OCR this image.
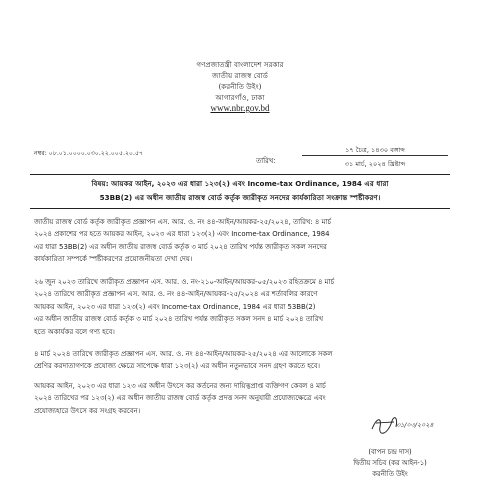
গণপ্রজাতন্ত্রী বাংলাদেশ সরকার

জাতীয় রাজস্ব বোর্ড

(করনীতি উইং)

আগারগাঁও, ঢাকা

www.nbr.gov.bd

নম্বর: ০৮.০১.০০০০.০৩০.২২.০০৫.২০.৫৭

তারিখ:

১৭ চৈত্র, ১৪৩০ বঙ্গাব্দ

৩১ মার্চ, ২০২৪ খ্রিষ্টাব্দ

বিষয়: আয়কর আইন, ২০২৩ এর ধারা ১২৩(২) এবং Income-tax Ordinance, 1984 এর ধারা

53BB(2) এর অধীন জাতীয় রাজস্ব বোর্ড কর্তৃক জারীকৃত সনদের কার্যকারিতা সংক্রান্ত স্পষ্টীকরণ।

জাতীয় রাজস্ব বোর্ড কর্তৃক জারীকৃত প্রজ্ঞাপন এস. আর. ও. নং ৪৪-আইন/আয়কর-২৫/২০২৪, তারিখ: ৪ মার্চ

২০২৪ প্রকাশের পর হতে আয়কর আইন, ২০২৩ এর ধারা ১২৩(২) এবং Income-tax Ordinance, 1984

এর ধারা 53BB(2) এর অধীন জাতীয় রাজস্ব বোর্ড কর্তৃক ৩ মার্চ ২০২৪ তারিখ পর্যন্ত জারীকৃত সকল সনদের

কার্যকারিতা সম্পর্কে স্পষ্টীকরণের প্রয়োজনীয়তা দেখা দেয়।

২৬ জুন ২০২৩ তারিখে জারীকৃত প্রজ্ঞাপন এস. আর. ও. নং-২১০-আইন/আয়কর-০৫/২০২৩ রহিতক্রমে ৪ মার্চ

২০২৪ তারিখে জারীকৃত প্রজ্ঞাপন এস. আর. ও. নং ৪৪-আইন/আয়কর-২৫/২০২৪ এর শর্তাবলির কারণে

আয়কর আইন, ২০২৩ এর ধারা ১২৩(২) এবং Income-tax Ordinance, 1984 এর ধারা 53BB(2)

এর অধীন জাতীয় রাজস্ব বোর্ড কর্তৃক ৩ মার্চ ২০২৪ তারিখ পর্যন্ত জারীকৃত সকল সনদ ৪ মার্চ ২০২৪ তারিখ

হতে অকার্যকর বলে গণ্য হবে।

৪ মার্চ ২০২৪ তারিখে জারীকৃত প্রজ্ঞাপন এস. আর. ও. নং ৪৪-আইন/আয়কর-২৫/২০২৪ এর আলোকে সকল

শ্রেণির করদাতাগণকে প্রযোজ্য ক্ষেত্রে সাপেক্ষে ধারা ১২৩(২) এর অধীন নতুনভাবে সনদ গ্রহণ করতে হবে।

আয়কর আইন, ২০২৩ এর ধারা ১২৩ এর অধীন উৎসে কর কর্তনের জন্য দায়িত্বপ্রাপ্ত ব্যক্তিগণ কেবল ৪ মার্চ

২০২৪ তারিখের পর ১২৩(২) এর অধীন জাতীয় রাজস্ব বোর্ড কর্তৃক প্রদত্ত সনদ অনুযায়ী প্রযোজ্যক্ষেত্রে এবং

প্রযোজ্যহারে উৎসে কর সংগ্রহ করবেন।

৩১/০৩/২০২৪

(বাপন চন্দ্র দাস)

দ্বিতীয় সচিব (কর আইন-১)

করনীতি উইং
